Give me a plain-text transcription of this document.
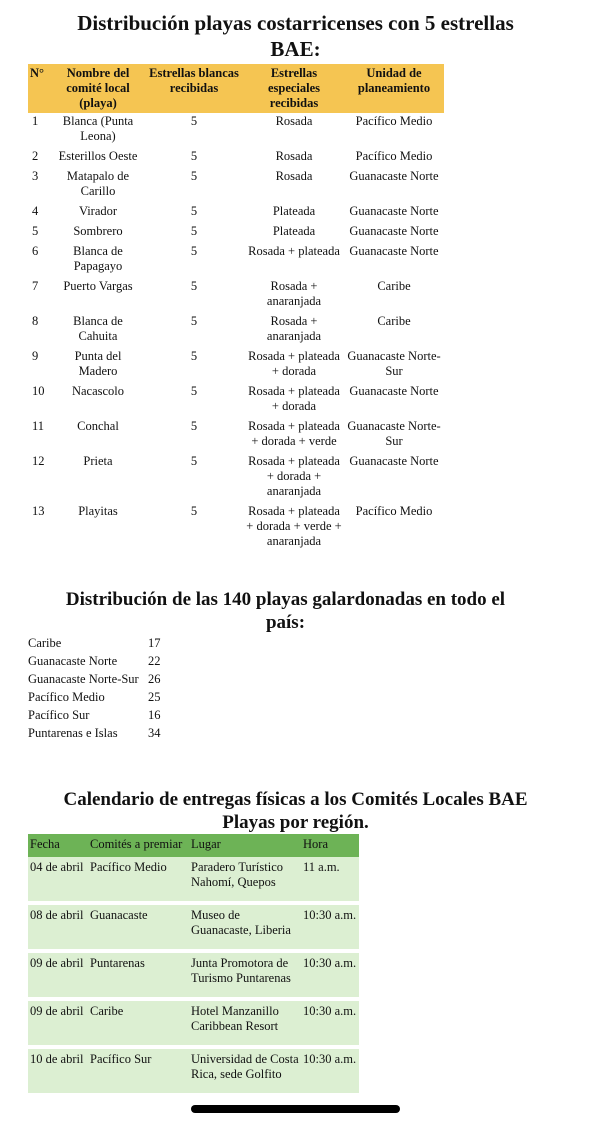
Distribución playas costarricenses con 5 estrellas
BAE:
N°	Nombre del comité local (playa)	Estrellas blancas recibidas	Estrellas especiales recibidas	Unidad de planeamiento
1	Blanca (Punta Leona)	5	Rosada	Pacífico Medio
2	Esterillos Oeste	5	Rosada	Pacífico Medio
3	Matapalo de Carillo	5	Rosada	Guanacaste Norte
4	Virador	5	Plateada	Guanacaste Norte
5	Sombrero	5	Plateada	Guanacaste Norte
6	Blanca de Papagayo	5	Rosada + plateada	Guanacaste Norte
7	Puerto Vargas	5	Rosada + anaranjada	Caribe
8	Blanca de Cahuita	5	Rosada + anaranjada	Caribe
9	Punta del Madero	5	Rosada + plateada + dorada	Guanacaste Norte-Sur
10	Nacascolo	5	Rosada + plateada + dorada	Guanacaste Norte
11	Conchal	5	Rosada + plateada + dorada + verde	Guanacaste Norte-Sur
12	Prieta	5	Rosada + plateada + dorada + anaranjada	Guanacaste Norte
13	Playitas	5	Rosada + plateada + dorada + verde + anaranjada	Pacífico Medio
Distribución de las 140 playas galardonadas en todo el
país:
Caribe	17
Guanacaste Norte	22
Guanacaste Norte-Sur	26
Pacífico Medio	25
Pacífico Sur	16
Puntarenas e Islas	34
Calendario de entregas físicas a los Comités Locales BAE
Playas por región.
Fecha	Comités a premiar	Lugar	Hora
04 de abril	Pacífico Medio	Paradero Turístico Nahomí, Quepos	11 a.m.

08 de abril	Guanacaste	Museo de Guanacaste, Liberia	10:30 a.m.

09 de abril	Puntarenas	Junta Promotora de Turismo Puntarenas	10:30 a.m.

09 de abril	Caribe	Hotel Manzanillo Caribbean Resort	10:30 a.m.

10 de abril	Pacífico Sur	Universidad de Costa Rica, sede Golfito	10:30 a.m.
